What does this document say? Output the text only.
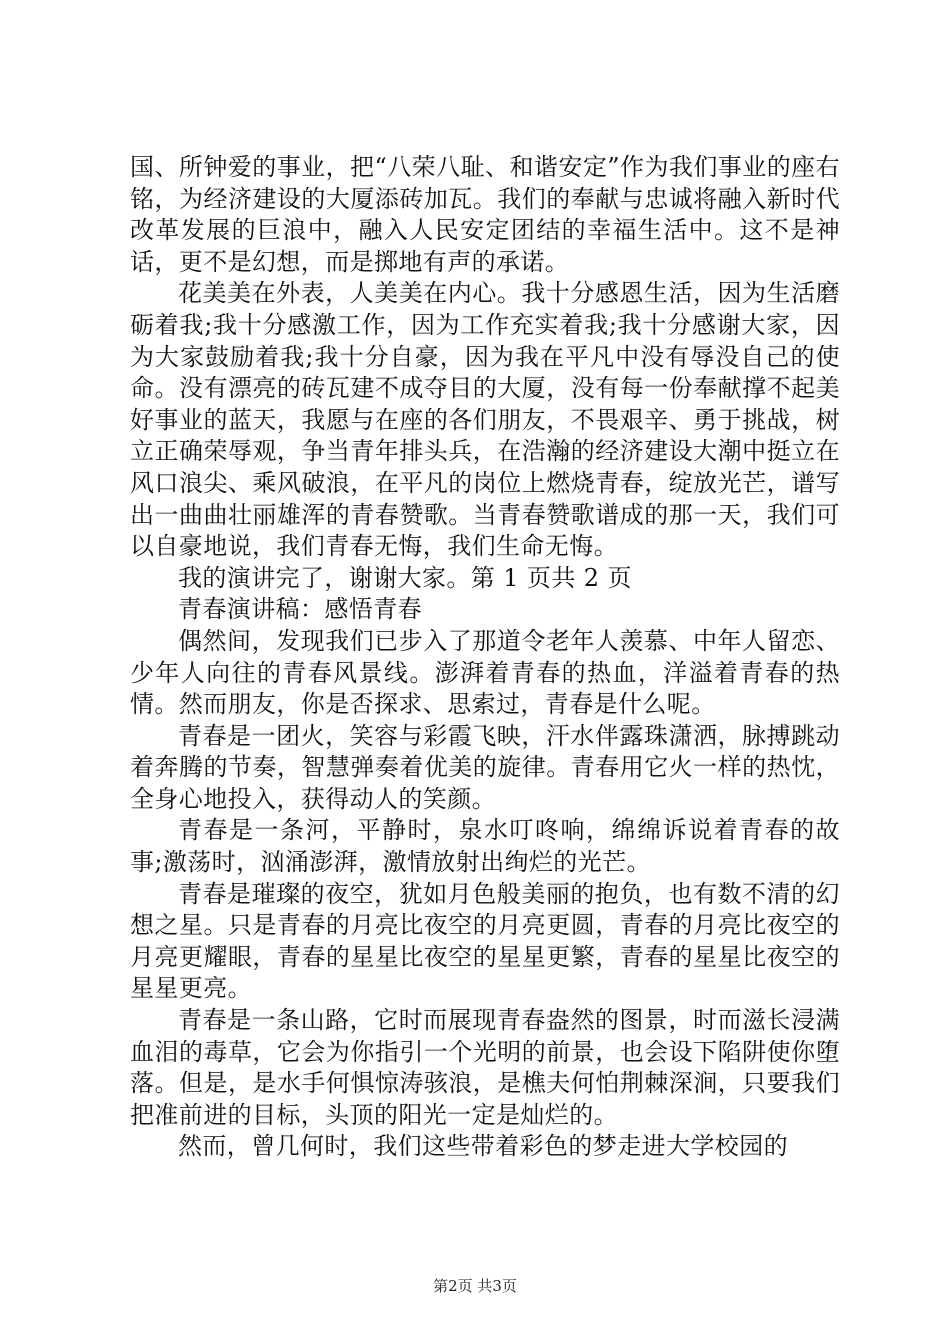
国、所钟爱的事业，把“八荣八耻、和谐安定”作为我们事业的座右铭，为经济建设的大厦添砖加瓦。我们的奉献与忠诚将融入新时代改革发展的巨浪中，融入人民安定团结的幸福生活中。这不是神话，更不是幻想，而是掷地有声的承诺。

花美美在外表，人美美在内心。我十分感恩生活，因为生活磨砺着我;我十分感激工作，因为工作充实着我;我十分感谢大家，因为大家鼓励着我;我十分自豪，因为我在平凡中没有辱没自己的使命。没有漂亮的砖瓦建不成夺目的大厦，没有每一份奉献撑不起美好事业的蓝天，我愿与在座的各们朋友，不畏艰辛、勇于挑战，树立正确荣辱观，争当青年排头兵，在浩瀚的经济建设大潮中挺立在风口浪尖、乘风破浪，在平凡的岗位上燃烧青春，绽放光芒，谱写出一曲曲壮丽雄浑的青春赞歌。当青春赞歌谱成的那一天，我们可以自豪地说，我们青春无悔，我们生命无悔。

我的演讲完了，谢谢大家。第 1 页共 2 页

青春演讲稿：感悟青春

偶然间，发现我们已步入了那道令老年人羡慕、中年人留恋、少年人向往的青春风景线。澎湃着青春的热血，洋溢着青春的热情。然而朋友，你是否探求、思索过，青春是什么呢。

青春是一团火，笑容与彩霞飞映，汗水伴露珠潇洒，脉搏跳动着奔腾的节奏，智慧弹奏着优美的旋律。青春用它火一样的热忱，全身心地投入，获得动人的笑颜。

青春是一条河，平静时，泉水叮咚响，绵绵诉说着青春的故事;激荡时，汹涌澎湃，激情放射出绚烂的光芒。

青春是璀璨的夜空，犹如月色般美丽的抱负，也有数不清的幻想之星。只是青春的月亮比夜空的月亮更圆，青春的月亮比夜空的月亮更耀眼，青春的星星比夜空的星星更繁，青春的星星比夜空的星星更亮。

青春是一条山路，它时而展现青春盎然的图景，时而滋长浸满血泪的毒草，它会为你指引一个光明的前景，也会设下陷阱使你堕落。但是，是水手何惧惊涛骇浪，是樵夫何怕荆棘深涧，只要我们把准前进的目标，头顶的阳光一定是灿烂的。

然而，曾几何时，我们这些带着彩色的梦走进大学校园的

第2页 共3页
